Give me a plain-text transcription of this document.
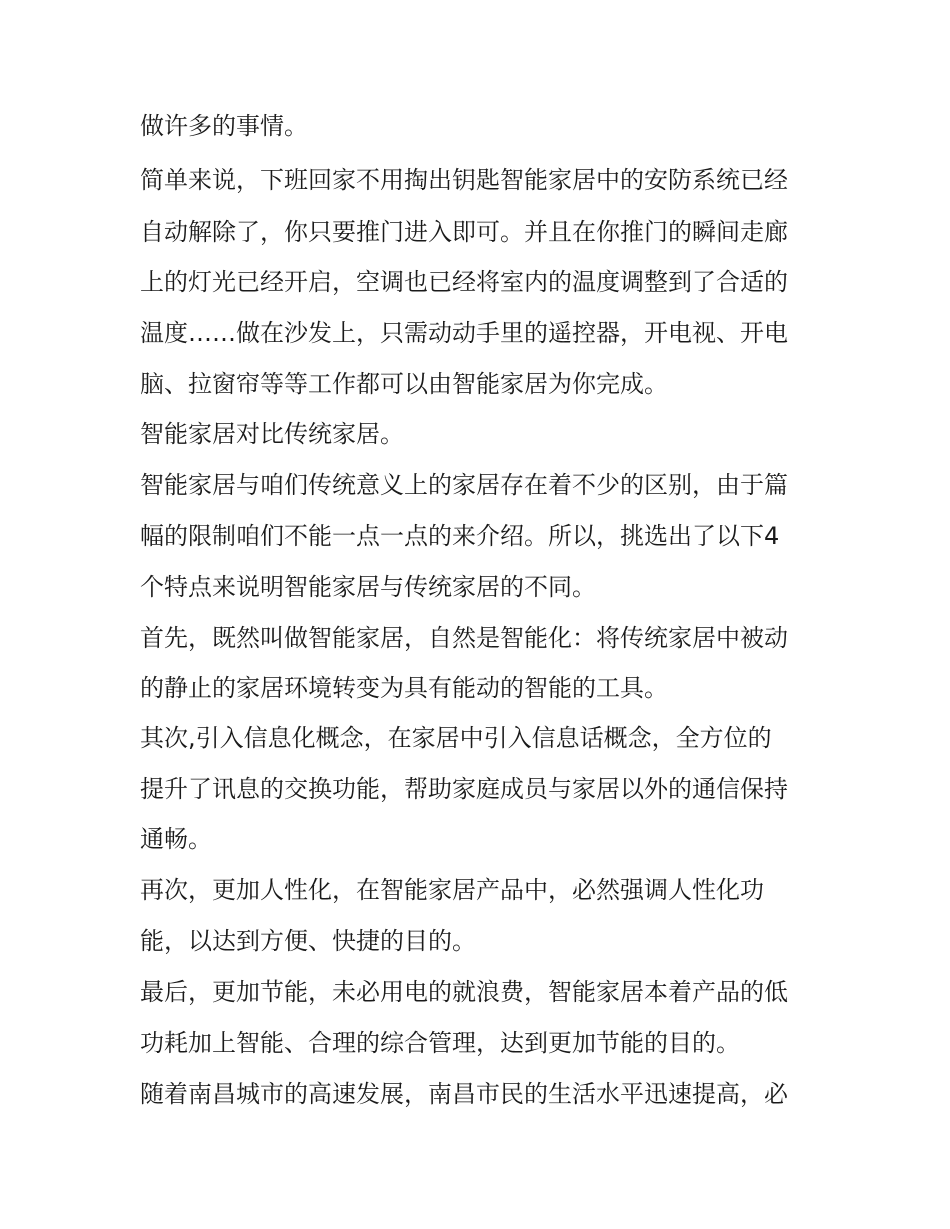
做许多的事情。
简单来说，下班回家不用掏出钥匙智能家居中的安防系统已经
自动解除了，你只要推门进入即可。并且在你推门的瞬间走廊
上的灯光已经开启，空调也已经将室内的温度调整到了合适的
温度……做在沙发上，只需动动手里的遥控器，开电视、开电
脑、拉窗帘等等工作都可以由智能家居为你完成。
智能家居对比传统家居。
智能家居与咱们传统意义上的家居存在着不少的区别，由于篇
幅的限制咱们不能一点一点的来介绍。所以，挑选出了以下4
个特点来说明智能家居与传统家居的不同。
首先，既然叫做智能家居，自然是智能化：将传统家居中被动
的静止的家居环境转变为具有能动的智能的工具。
其次,引入信息化概念，在家居中引入信息话概念，全方位的
提升了讯息的交换功能，帮助家庭成员与家居以外的通信保持
通畅。
再次，更加人性化，在智能家居产品中，必然强调人性化功
能，以达到方便、快捷的目的。
最后，更加节能，未必用电的就浪费，智能家居本着产品的低
功耗加上智能、合理的综合管理，达到更加节能的目的。
随着南昌城市的高速发展，南昌市民的生活水平迅速提高，必
